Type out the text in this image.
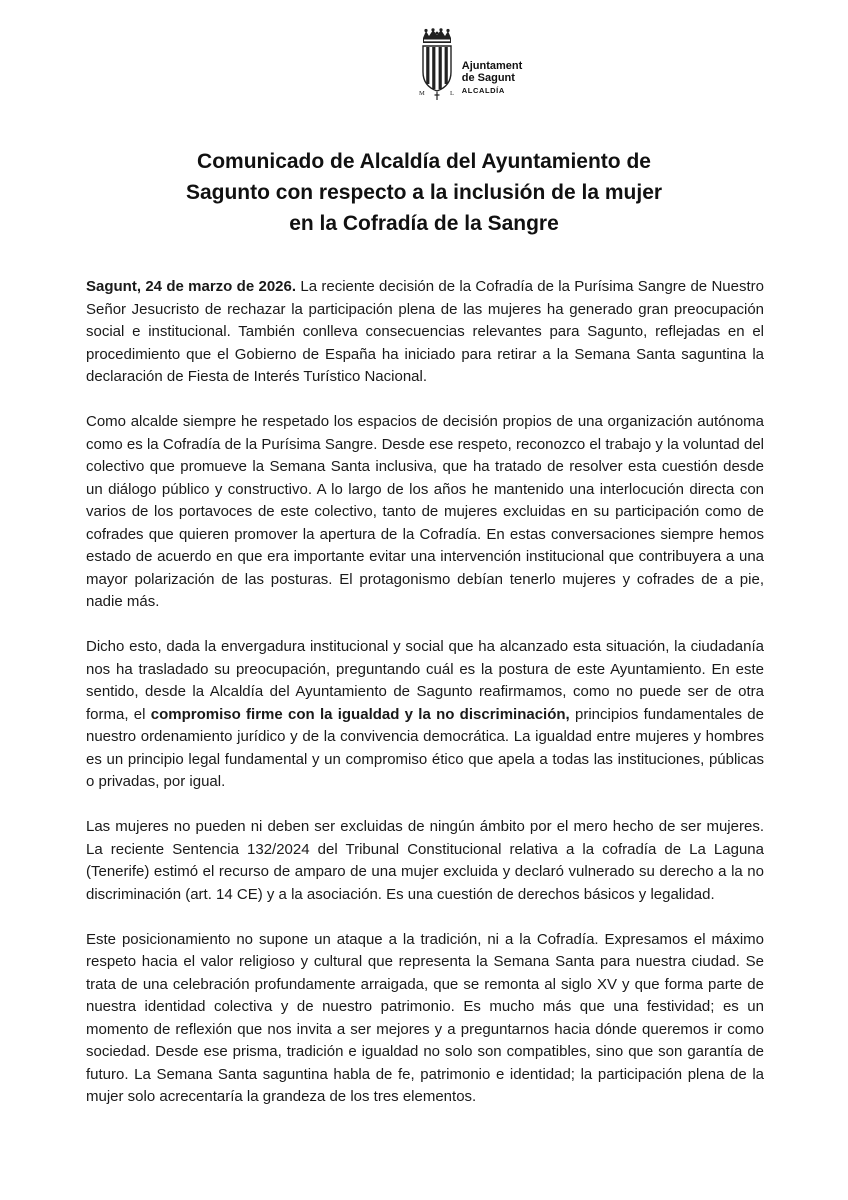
M	L
Ajuntament
de Sagunt
ALCALDÍA
Comunicado de Alcaldía del Ayuntamiento de
Sagunto con respecto a la inclusión de la mujer
en la Cofradía de la Sangre

Sagunt, 24 de marzo de 2026. La reciente decisión de la Cofradía de la Purísima Sangre de Nuestro Señor Jesucristo de rechazar la participación plena de las mujeres ha generado gran preocupación social e institucional. También conlleva consecuencias relevantes para Sagunto, reflejadas en el procedimiento que el Gobierno de España ha iniciado para retirar a la Semana Santa saguntina la declaración de Fiesta de Interés Turístico Nacional.

Como alcalde siempre he respetado los espacios de decisión propios de una organización autónoma como es la Cofradía de la Purísima Sangre. Desde ese respeto, reconozco el trabajo y la voluntad del colectivo que promueve la Semana Santa inclusiva, que ha tratado de resolver esta cuestión desde un diálogo público y constructivo. A lo largo de los años he mantenido una interlocución directa con varios de los portavoces de este colectivo, tanto de mujeres excluidas en su participación como de cofrades que quieren promover la apertura de la Cofradía. En estas conversaciones siempre hemos estado de acuerdo en que era importante evitar una intervención institucional que contribuyera a una mayor polarización de las posturas. El protagonismo debían tenerlo mujeres y cofrades de a pie, nadie más.

Dicho esto, dada la envergadura institucional y social que ha alcanzado esta situación, la ciudadanía nos ha trasladado su preocupación, preguntando cuál es la postura de este Ayuntamiento. En este sentido, desde la Alcaldía del Ayuntamiento de Sagunto reafirmamos, como no puede ser de otra forma, el compromiso firme con la igualdad y la no discriminación, principios fundamentales de nuestro ordenamiento jurídico y de la convivencia democrática. La igualdad entre mujeres y hombres es un principio legal fundamental y un compromiso ético que apela a todas las instituciones, públicas o privadas, por igual.

Las mujeres no pueden ni deben ser excluidas de ningún ámbito por el mero hecho de ser mujeres. La reciente Sentencia 132/2024 del Tribunal Constitucional relativa a la cofradía de La Laguna (Tenerife) estimó el recurso de amparo de una mujer excluida y declaró vulnerado su derecho a la no discriminación (art. 14 CE) y a la asociación. Es una cuestión de derechos básicos y legalidad.

Este posicionamiento no supone un ataque a la tradición, ni a la Cofradía. Expresamos el máximo respeto hacia el valor religioso y cultural que representa la Semana Santa para nuestra ciudad. Se trata de una celebración profundamente arraigada, que se remonta al siglo XV y que forma parte de nuestra identidad colectiva y de nuestro patrimonio. Es mucho más que una festividad; es un momento de reflexión que nos invita a ser mejores y a preguntarnos hacia dónde queremos ir como sociedad. Desde ese prisma, tradición e igualdad no solo son compatibles, sino que son garantía de futuro. La Semana Santa saguntina habla de fe, patrimonio e identidad; la participación plena de la mujer solo acrecentaría la grandeza de los tres elementos.
